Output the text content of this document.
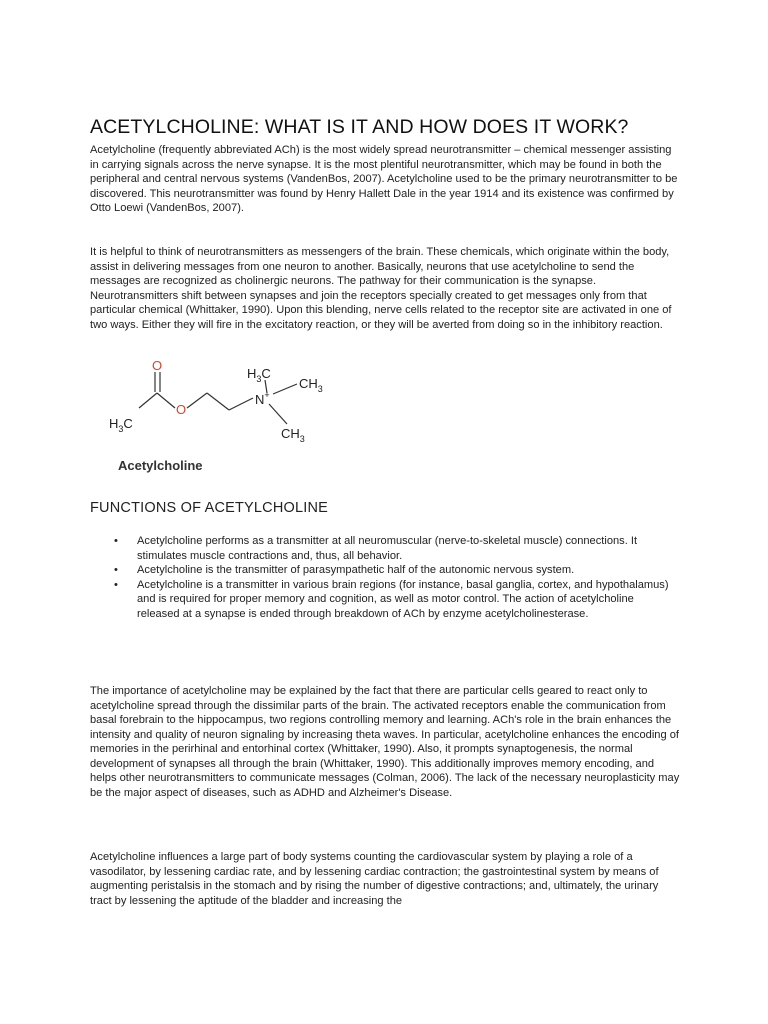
ACETYLCHOLINE: WHAT IS IT AND HOW DOES IT WORK?

Acetylcholine (frequently abbreviated ACh) is the most widely spread neurotransmitter – chemical messenger assisting in carrying signals across the nerve synapse. It is the most plentiful neurotransmitter, which may be found in both the peripheral and central nervous systems (VandenBos, 2007). Acetylcholine used to be the primary neurotransmitter to be discovered. This neurotransmitter was found by Henry Hallett Dale in the year 1914 and its existence was confirmed by Otto Loewi (VandenBos, 2007).

It is helpful to think of neurotransmitters as messengers of the brain. These chemicals, which originate within the body, assist in delivering messages from one neuron to another. Basically, neurons that use acetylcholine to send the messages are recognized as cholinergic neurons. The pathway for their communication is the synapse. Neurotransmitters shift between synapses and join the receptors specially created to get messages only from that particular chemical (Whittaker, 1990). Upon this blending, nerve cells related to the receptor site are activated in one of two ways. Either they will fire in the excitatory reaction, or they will be averted from doing so in the inhibitory reaction.

O
O
$H_3C$
$H_3C$
$CH_3$
$CH_3$
N+
H3C

Acetylcholine

FUNCTIONS OF ACETYLCHOLINE
• Acetylcholine performs as a transmitter at all neuromuscular (nerve-to-skeletal muscle) connections. It stimulates muscle contractions and, thus, all behavior.
• Acetylcholine is the transmitter of parasympathetic half of the autonomic nervous system.
• Acetylcholine is a transmitter in various brain regions (for instance, basal ganglia, cortex, and hypothalamus) and is required for proper memory and cognition, as well as motor control. The action of acetylcholine released at a synapse is ended through breakdown of ACh by enzyme acetylcholinesterase.

The importance of acetylcholine may be explained by the fact that there are particular cells geared to react only to acetylcholine spread through the dissimilar parts of the brain. The activated receptors enable the communication from basal forebrain to the hippocampus, two regions controlling memory and learning. ACh's role in the brain enhances the intensity and quality of neuron signaling by increasing theta waves. In particular, acetylcholine enhances the encoding of memories in the perirhinal and entorhinal cortex (Whittaker, 1990). Also, it prompts synaptogenesis, the normal development of synapses all through the brain (Whittaker, 1990). This additionally improves memory encoding, and helps other neurotransmitters to communicate messages (Colman, 2006). The lack of the necessary neuroplasticity may be the major aspect of diseases, such as ADHD and Alzheimer's Disease.

Acetylcholine influences a large part of body systems counting the cardiovascular system by playing a role of a vasodilator, by lessening cardiac rate, and by lessening cardiac contraction; the gastrointestinal system by means of augmenting peristalsis in the stomach and by rising the number of digestive contractions; and, ultimately, the urinary tract by lessening the aptitude of the bladder and increasing the
